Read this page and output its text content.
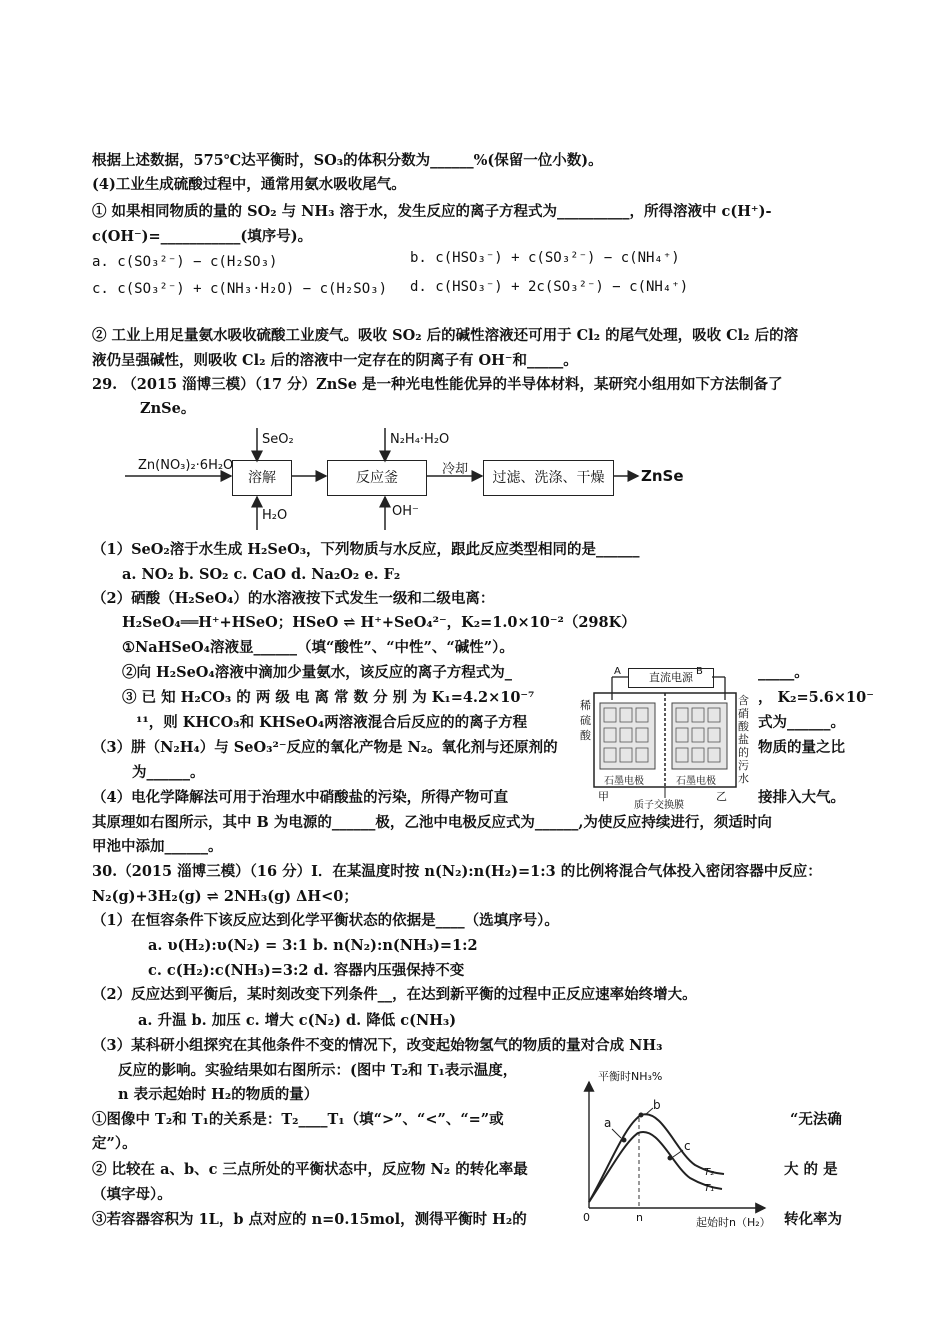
根据上述数据，575℃达平衡时，SO₃的体积分数为______%(保留一位小数)。
(4)工业生成硫酸过程中，通常用氨水吸收尾气。
① 如果相同物质的量的 SO₂ 与 NH₃ 溶于水，发生反应的离子方程式为__________，所得溶液中 c(H⁺)-
c(OH⁻)=___________(填序号)。
a. c(SO₃²⁻) − c(H₂SO₃)	b. c(HSO₃⁻) + c(SO₃²⁻) − c(NH₄⁺)
c. c(SO₃²⁻) + c(NH₃·H₂O) − c(H₂SO₃) d. c(HSO₃⁻) + 2c(SO₃²⁻) − c(NH₄⁺)
② 工业上用足量氨水吸收硫酸工业废气。吸收 SO₂ 后的碱性溶液还可用于 Cl₂ 的尾气处理，吸收 Cl₂ 后的溶
液仍呈强碱性，则吸收 Cl₂ 后的溶液中一定存在的阴离子有 OH⁻和_____。
29. （2015 淄博三模）（17 分）ZnSe 是一种光电性能优异的半导体材料，某研究小组用如下方法制备了
ZnSe。
Zn(NO₃)₂·6H₂O
SeO₂
H₂O
溶解
N₂H₄·H₂O
OH⁻
反应釜
冷却
过滤、洗涤、干燥	ZnSe
（1）SeO₂溶于水生成 H₂SeO₃，下列物质与水反应，跟此反应类型相同的是______
a. NO₂ b. SO₂ c. CaO d. Na₂O₂ e. F₂
（2）硒酸（H₂SeO₄）的水溶液按下式发生一级和二级电离：
H₂SeO₄══H⁺+HSeO；HSeO ⇌ H⁺+SeO₄²⁻，K₂=1.0×10⁻²（298K）
①NaHSeO₄溶液显______（填“酸性”、“中性”、“碱性”）。
②向 H₂SeO₄溶液中滴加少量氨水，该反应的离子方程式为_	_____。
③ 已 知 H₂CO₃ 的 两 级 电 离 常 数 分 别 为 K₁=4.2×10⁻⁷	， K₂=5.6×10⁻
¹¹，则 KHCO₃和 KHSeO₄两溶液混合后反应的的离子方程	式为______。
（3）肼（N₂H₄）与 SeO₃²⁻反应的氧化产物是 N₂。氧化剂与还原剂的	物质的量之比
为______。
（4）电化学降解法可用于治理水中硝酸盐的污染，所得产物可直	接排入大气。
其原理如右图所示，其中 B 为电源的______极，乙池中电极反应式为______,为使反应持续进行，须适时向
甲池中添加______。
A	B
直流电源
稀硫酸
含硝酸盐的污水
石墨电极	石墨电极
甲	乙
质子交换膜
30.（2015 淄博三模）（16 分）Ⅰ．在某温度时按 n(N₂):n(H₂)=1:3 的比例将混合气体投入密闭容器中反应：
N₂(g)+3H₂(g) ⇌ 2NH₃(g) ΔH<0；
（1）在恒容条件下该反应达到化学平衡状态的依据是____（选填序号）。
a. υ(H₂):υ(N₂) = 3:1 b. n(N₂):n(NH₃)=1:2
c. c(H₂):c(NH₃)=3:2 d. 容器内压强保持不变
（2）反应达到平衡后，某时刻改变下列条件__，在达到新平衡的过程中正反应速率始终增大。
a. 升温 b. 加压 c. 增大 c(N₂) d. 降低 c(NH₃)
（3）某科研小组探究在其他条件不变的情况下，改变起始物氢气的物质的量对合成 NH₃
反应的影响。实验结果如右图所示：(图中 T₂和 T₁表示温度，
n 表示起始时 H₂的物质的量）
①图像中 T₂和 T₁的关系是：T₂____T₁（填“>”、“<”、“=”或	“无法确
定”）。
② 比较在 a、b、c 三点所处的平衡状态中，反应物 N₂ 的转化率最	大 的 是
（填字母）。
③若容器容积为 1L，b 点对应的 n=0.15mol，测得平衡时 H₂的	转化率为
平衡时NH₃%
起始时n（H₂）
0	n
a
b
c
T₂
T₁
